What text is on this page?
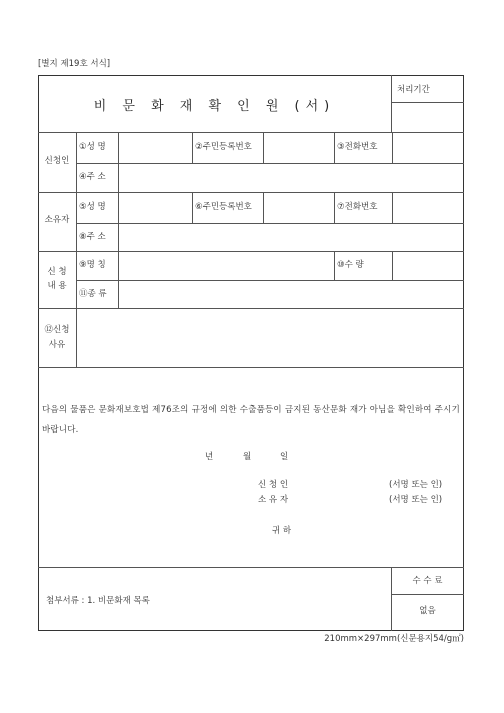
[별지 제19호 서식]
비 문 화 재 확 인 원 (서)
처리기간
신청인
①성 명	②주민등록번호	③전화번호
④주 소
소유자
⑤성 명	⑥주민등록번호	⑦전화번호
⑧주 소
신 청
내 용
⑨명 칭	⑩수 량
⑪종 류
⑫신청
사유
다음의 물품은 문화재보호법 제76조의 규정에 의한 수출품등이 금지된 동산문화 재가 아님을 확인하여 주시기 바랍니다.
년	월	일
신 청 인	(서명 또는 인)
소 유 자	(서명 또는 인)
귀 하
첨부서류 : 1. 비문화재 목록
수 수 료
없음
210mm×297mm(신문용지54/g㎡)
